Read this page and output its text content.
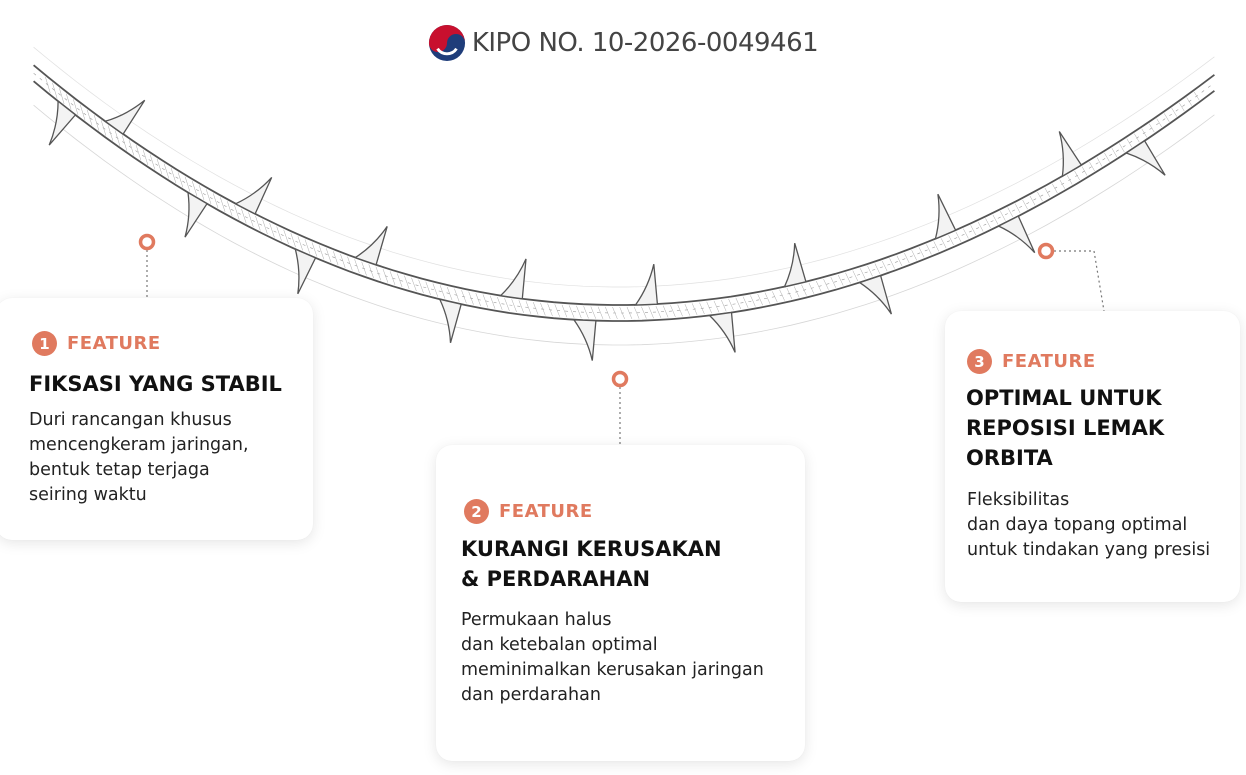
KIPO NO. 10-2026-0049461
1 FEATURE
FIKSASI YANG STABIL
Duri rancangan khusus
mencengkeram jaringan,
bentuk tetap terjaga
seiring waktu
2 FEATURE
KURANGI KERUSAKAN
& PERDARAHAN
Permukaan halus
dan ketebalan optimal
meminimalkan kerusakan jaringan
dan perdarahan
3 FEATURE
OPTIMAL UNTUK
REPOSISI LEMAK
ORBITA
Fleksibilitas
dan daya topang optimal
untuk tindakan yang presisi
